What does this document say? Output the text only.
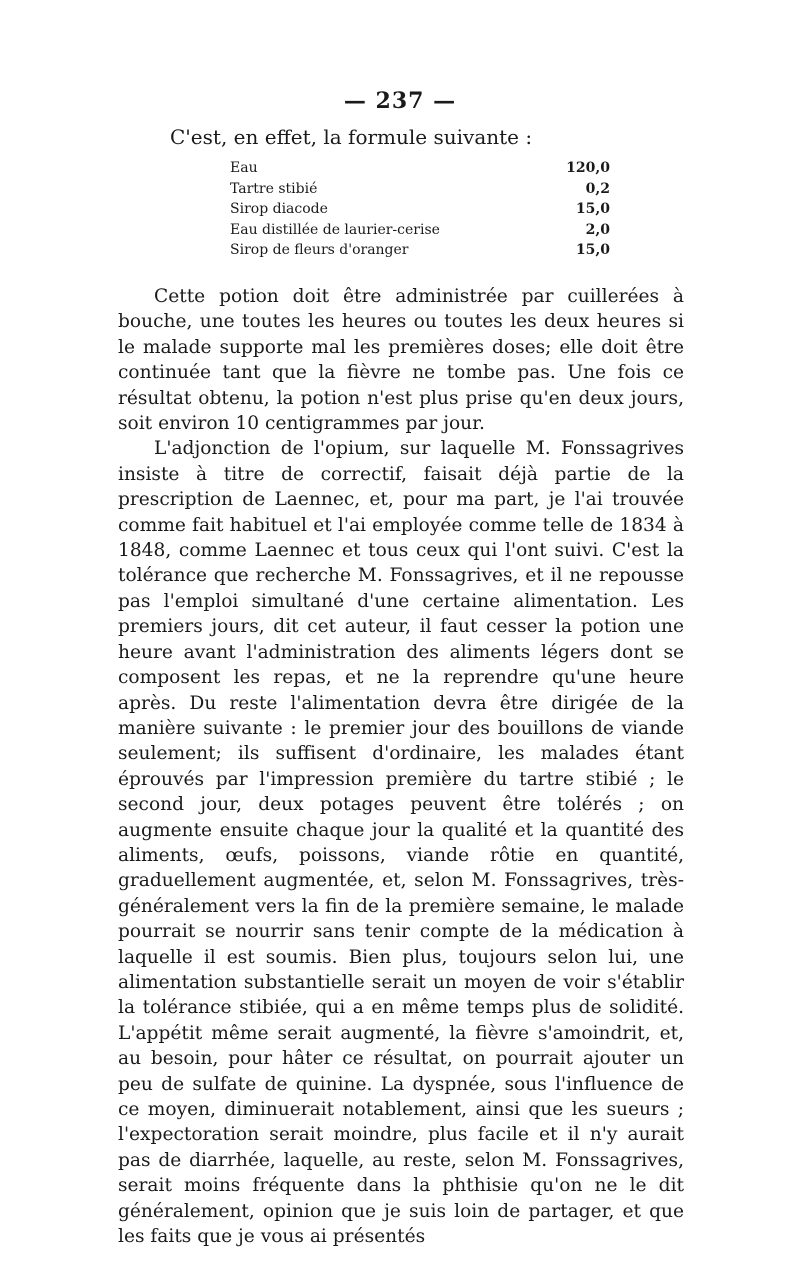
— 237 —
C'est, en effet, la formule suivante :
Eau	120,0
Tartre stibié	0,2
Sirop diacode	15,0
Eau distillée de laurier-cerise	2,0
Sirop de fleurs d'oranger	15,0

Cette potion doit être administrée par cuillerées à bouche, une toutes les heures ou toutes les deux heures si le malade supporte mal les premières doses; elle doit être continuée tant que la fièvre ne tombe pas. Une fois ce résultat obtenu, la potion n'est plus prise qu'en deux jours, soit environ 10 centigrammes par jour.

L'adjonction de l'opium, sur laquelle M. Fonssagrives insiste à titre de correctif, faisait déjà partie de la prescription de Laennec, et, pour ma part, je l'ai trouvée comme fait habituel et l'ai employée comme telle de 1834 à 1848, comme Laennec et tous ceux qui l'ont suivi. C'est la tolérance que recherche M. Fonssagrives, et il ne repousse pas l'emploi simultané d'une certaine alimentation. Les premiers jours, dit cet auteur, il faut cesser la potion une heure avant l'administration des aliments légers dont se composent les repas, et ne la reprendre qu'une heure après. Du reste l'alimentation devra être dirigée de la manière suivante : le premier jour des bouillons de viande seulement; ils suffisent d'ordinaire, les malades étant éprouvés par l'impression première du tartre stibié ; le second jour, deux potages peuvent être tolérés ; on augmente ensuite chaque jour la qualité et la quantité des aliments, œufs, poissons, viande rôtie en quantité, graduellement augmentée, et, selon M. Fonssagrives, très-généralement vers la fin de la première semaine, le malade pourrait se nourrir sans tenir compte de la médication à laquelle il est soumis. Bien plus, toujours selon lui, une alimentation substantielle serait un moyen de voir s'établir la tolérance stibiée, qui a en même temps plus de solidité. L'appétit même serait augmenté, la fièvre s'amoindrit, et, au besoin, pour hâter ce résultat, on pourrait ajouter un peu de sulfate de quinine. La dyspnée, sous l'influence de ce moyen, diminuerait notablement, ainsi que les sueurs ; l'expectoration serait moindre, plus facile et il n'y aurait pas de diarrhée, laquelle, au reste, selon M. Fonssagrives, serait moins fréquente dans la phthisie qu'on ne le dit généralement, opinion que je suis loin de partager, et que les faits que je vous ai présentés
